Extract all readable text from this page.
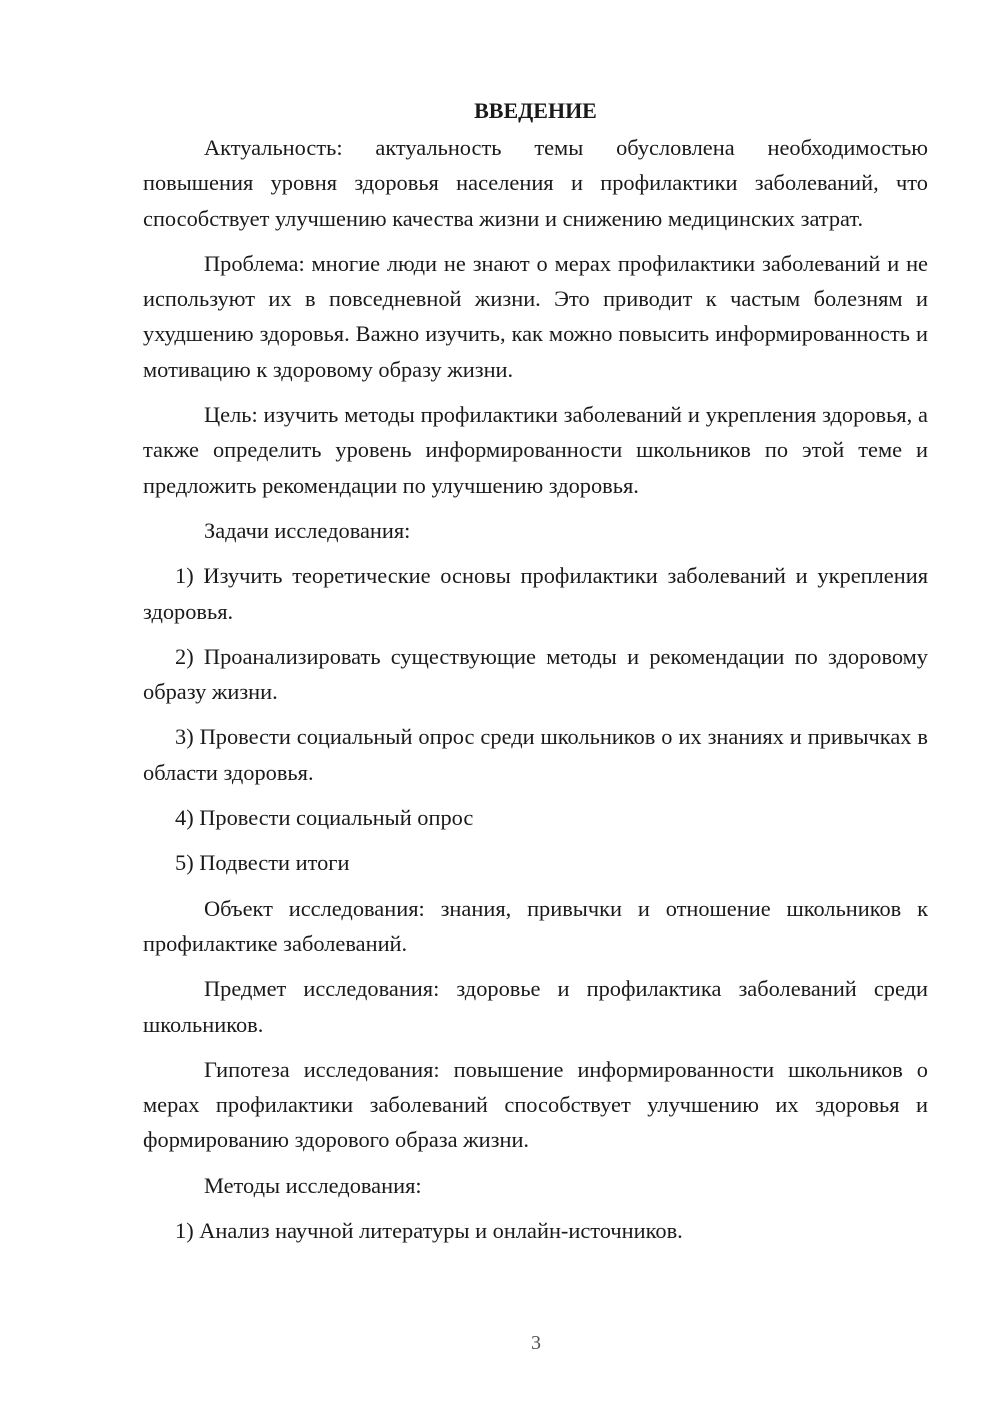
ВВЕДЕНИЕ
Актуальность: актуальность темы обусловлена необходимостью повышения уровня здоровья населения и профилактики заболеваний, что способствует улучшению качества жизни и снижению медицинских затрат.
Проблема: многие люди не знают о мерах профилактики заболеваний и не используют их в повседневной жизни. Это приводит к частым болезням и ухудшению здоровья. Важно изучить, как можно повысить информированность и мотивацию к здоровому образу жизни.
Цель: изучить методы профилактики заболеваний и укрепления здоровья, а также определить уровень информированности школьников по этой теме и предложить рекомендации по улучшению здоровья.
Задачи исследования:
1) Изучить теоретические основы профилактики заболеваний и укрепления здоровья.
2) Проанализировать существующие методы и рекомендации по здоровому образу жизни.
3) Провести социальный опрос среди школьников о их знаниях и привычках в области здоровья.
4) Провести социальный опрос
5) Подвести итоги
Объект исследования: знания, привычки и отношение школьников к профилактике заболеваний.
Предмет исследования: здоровье и профилактика заболеваний среди школьников.
Гипотеза исследования: повышение информированности школьников о мерах профилактики заболеваний способствует улучшению их здоровья и формированию здорового образа жизни.
Методы исследования:
1) Анализ научной литературы и онлайн-источников.
3
